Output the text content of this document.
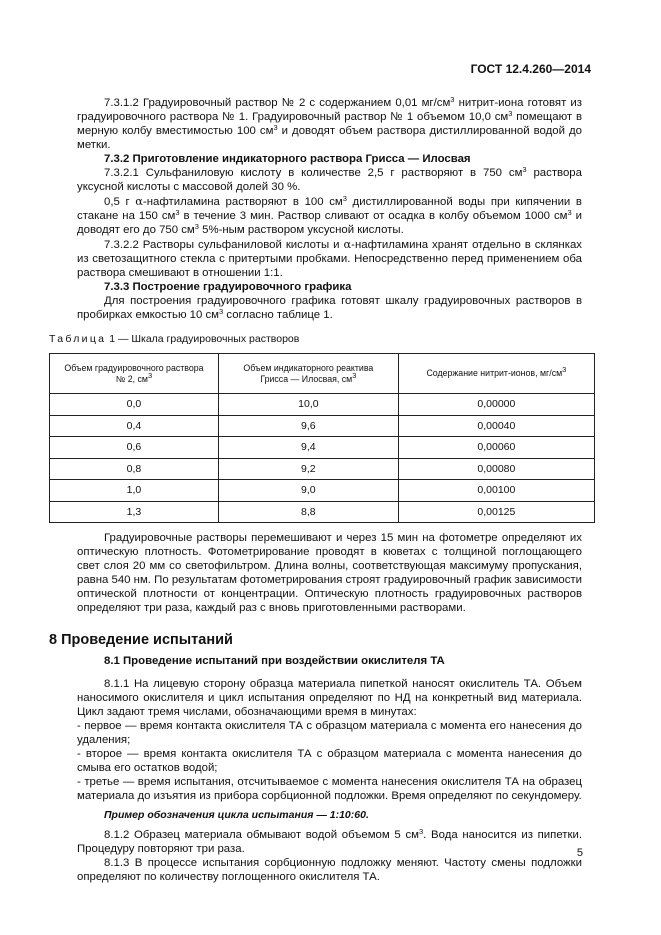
ГОСТ 12.4.260—2014

7.3.1.2 Градуировочный раствор № 2 с содержанием 0,01 $мг/см^3$ нитрит-иона готовят из градуировочного раствора № 1. Градуировочный раствор № 1 объемом 10,0 $см^3$ помещают в мерную колбу вместимостью 100 $см^3$ и доводят объем раствора дистиллированной водой до метки.

7.3.2 Приготовление индикаторного раствора Грисса — Илосвая

7.3.2.1 Сульфаниловую кислоту в количестве 2,5 г растворяют в 750 $см^3$ раствора уксусной кислоты с массовой долей 30 %.

0,5 г α-нафтиламина растворяют в 100 $см^3$ дистиллированной воды при кипячении в стакане на 150 $см^3$ в течение 3 мин. Раствор сливают от осадка в колбу объемом 1000 $см^3$ и доводят его до 750 $см^3$ 5%-ным раствором уксусной кислоты.

7.3.2.2 Растворы сульфаниловой кислоты и α-нафтиламина хранят отдельно в склянках из светозащитного стекла с притертыми пробками. Непосредственно перед применением оба раствора смешивают в отношении 1:1.

7.3.3 Построение градуировочного графика

Для построения градуировочного графика готовят шкалу градуировочных растворов в пробирках емкостью 10 $см^3$ согласно таблице 1.

Таблица 1 — Шкала градуировочных растворов
Объем градуировочного раствора
№ 2, $см^3$	Объем индикаторного реактива
Грисса — Илосвая, $см^3$	Содержание нитрит-ионов, $мг/см^3$
0,0	10,0	0,00000
0,4	9,6	0,00040
0,6	9,4	0,00060
0,8	9,2	0,00080
1,0	9,0	0,00100
1,3	8,8	0,00125

Градуировочные растворы перемешивают и через 15 мин на фотометре определяют их оптическую плотность. Фотометрирование проводят в кюветах с толщиной поглощающего свет слоя 20 мм со светофильтром. Длина волны, соответствующая максимуму пропускания, равна 540 нм. По результатам фотометрирования строят градуировочный график зависимости оптической плотности от концентрации. Оптическую плотность градуировочных растворов определяют три раза, каждый раз с вновь приготовленными растворами.

8 Проведение испытаний
8.1 Проведение испытаний при воздействии окислителя ТА

8.1.1 На лицевую сторону образца материала пипеткой наносят окислитель ТА. Объем наносимого окислителя и цикл испытания определяют по НД на конкретный вид материала. Цикл задают тремя числами, обозначающими время в минутах:

- первое — время контакта окислителя ТА с образцом материала с момента его нанесения до удаления;

- второе — время контакта окислителя ТА с образцом материала с момента нанесения до смыва его остатков водой;

- третье — время испытания, отсчитываемое с момента нанесения окислителя ТА на образец материала до изъятия из прибора сорбционной подложки. Время определяют по секундомеру.

Пример обозначения цикла испытания — 1:10:60.

8.1.2 Образец материала обмывают водой объемом 5 $см^3$. Вода наносится из пипетки. Процедуру повторяют три раза.

8.1.3 В процессе испытания сорбционную подложку меняют. Частоту смены подложки определяют по количеству поглощенного окислителя ТА.

5
